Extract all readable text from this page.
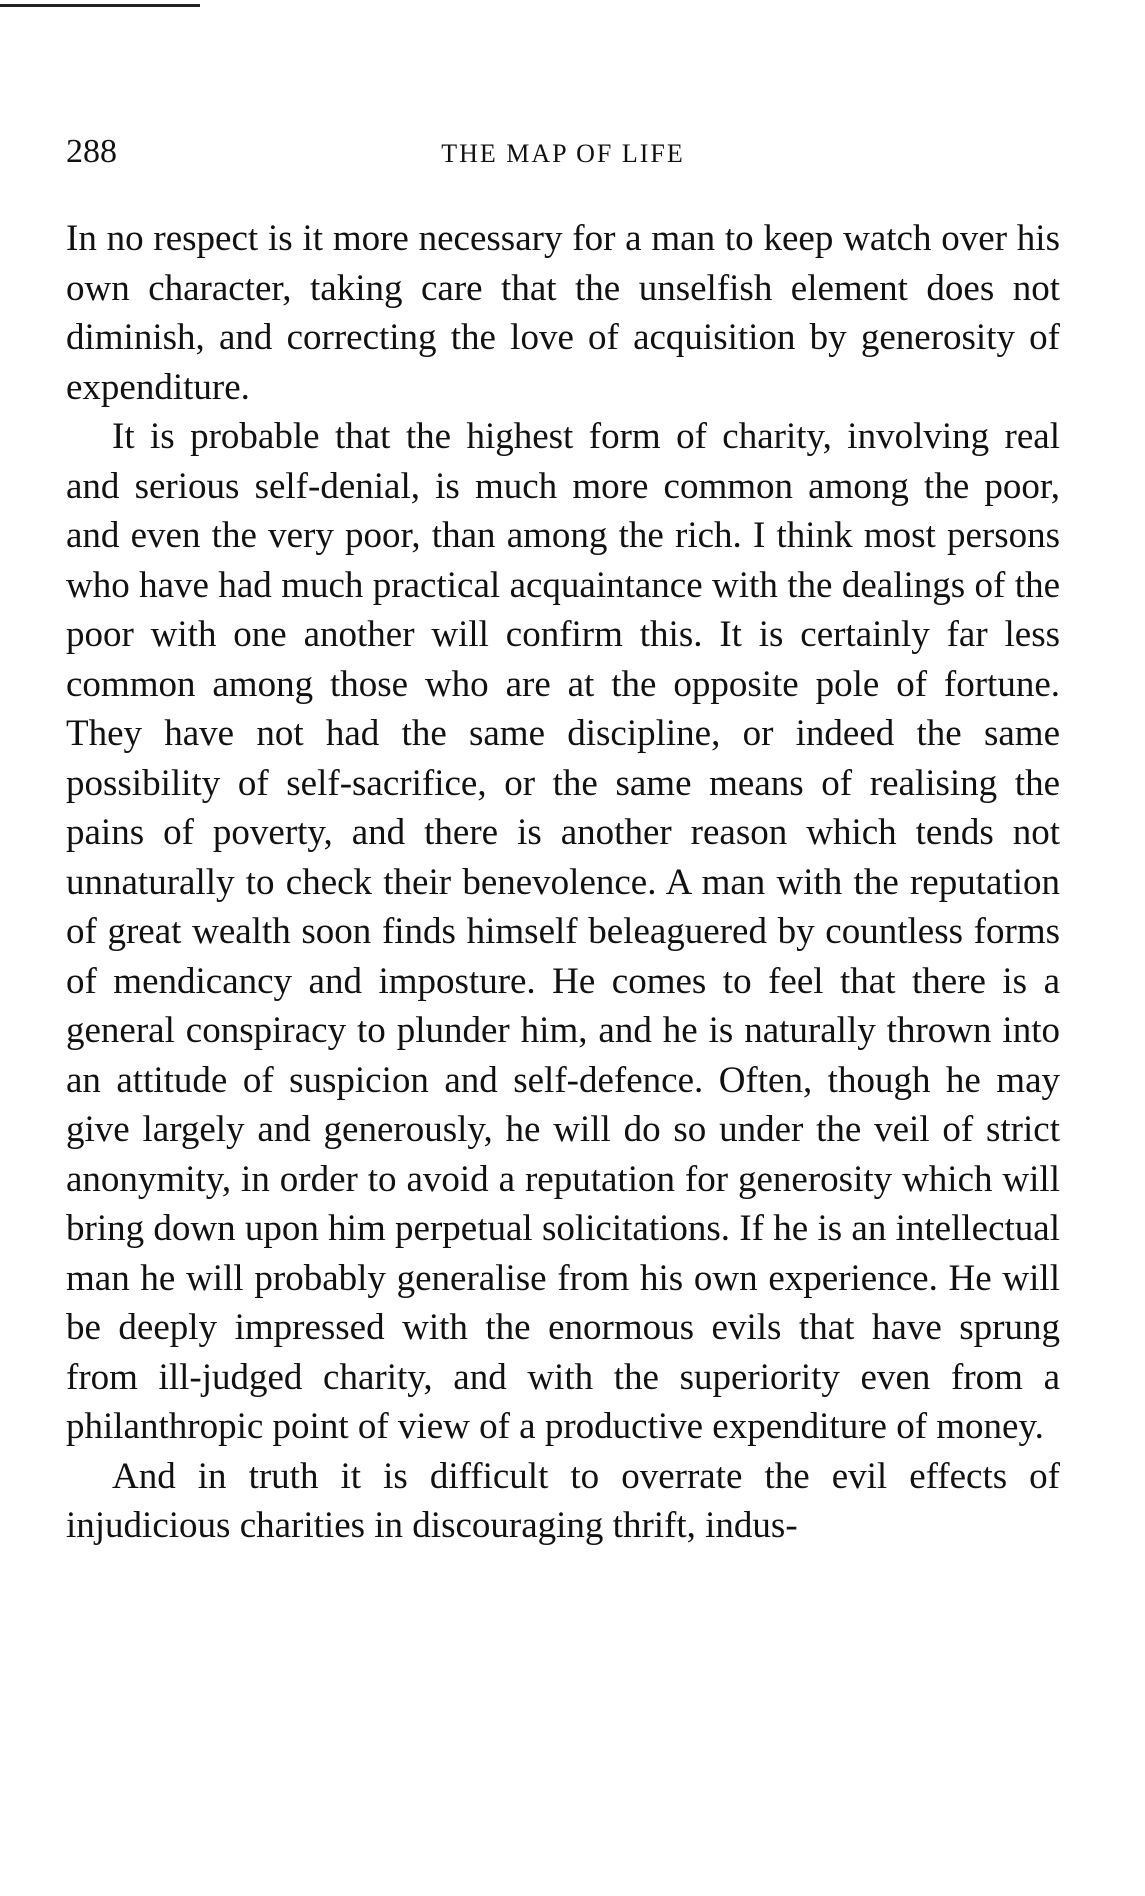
288	THE MAP OF LIFE

In no respect is it more necessary for a man to keep watch over his own character, taking care that the unselfish element does not diminish, and correcting the love of acquisition by generosity of expenditure.

It is probable that the highest form of charity, involving real and serious self-denial, is much more common among the poor, and even the very poor, than among the rich. I think most persons who have had much practical acquaintance with the dealings of the poor with one another will confirm this. It is certainly far less common among those who are at the opposite pole of fortune. They have not had the same discipline, or indeed the same possibility of self-sacrifice, or the same means of realising the pains of poverty, and there is another reason which tends not unnaturally to check their benevolence. A man with the reputation of great wealth soon finds himself beleaguered by countless forms of mendicancy and imposture. He comes to feel that there is a general conspiracy to plunder him, and he is naturally thrown into an attitude of suspicion and self-defence. Often, though he may give largely and generously, he will do so under the veil of strict anonymity, in order to avoid a reputation for generosity which will bring down upon him perpetual solicitations. If he is an intellectual man he will probably generalise from his own experience. He will be deeply impressed with the enormous evils that have sprung from ill-judged charity, and with the superiority even from a philanthropic point of view of a productive expenditure of money.

And in truth it is difficult to overrate the evil effects of injudicious charities in discouraging thrift, indus-
